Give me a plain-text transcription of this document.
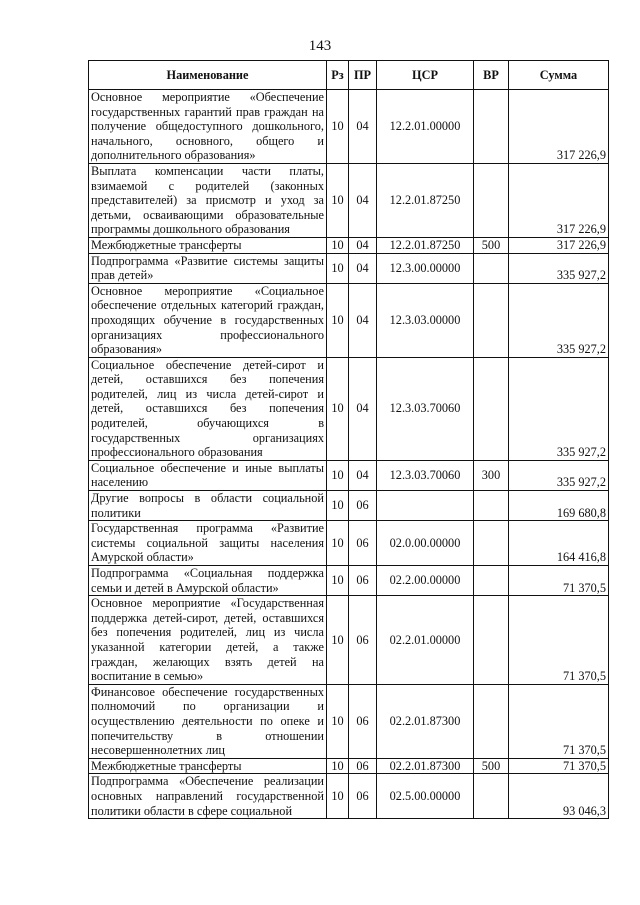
143
Наименование	Рз	ПР	ЦСР	ВР	Сумма
Основное мероприятие «Обеспечение государственных гарантий прав граждан на получение общедоступного дошкольного, начального, основного, общего и дополнительного образования»	10	04	12.2.01.00000		317 226,9
Выплата компенсации части платы, взимаемой с родителей (законных представителей) за присмотр и уход за детьми, осваивающими образовательные программы дошкольного образования	10	04	12.2.01.87250		317 226,9
Межбюджетные трансферты	10	04	12.2.01.87250	500	317 226,9
Подпрограмма «Развитие системы защиты прав детей»	10	04	12.3.00.00000		335 927,2
Основное мероприятие «Социальное обеспечение отдельных категорий граждан, проходящих обучение в государственных организациях профессионального образования»	10	04	12.3.03.00000		335 927,2
Социальное обеспечение детей-сирот и детей, оставшихся без попечения родителей, лиц из числа детей-сирот и детей, оставшихся без попечения родителей, обучающихся в государственных организациях профессионального образования	10	04	12.3.03.70060		335 927,2
Социальное обеспечение и иные выплаты населению	10	04	12.3.03.70060	300	335 927,2
Другие вопросы в области социальной политики	10	06			169 680,8
Государственная программа «Развитие системы социальной защиты населения Амурской области»	10	06	02.0.00.00000		164 416,8
Подпрограмма «Социальная поддержка семьи и детей в Амурской области»	10	06	02.2.00.00000		71 370,5
Основное мероприятие «Государственная поддержка детей-сирот, детей, оставшихся без попечения родителей, лиц из числа указанной категории детей, а также граждан, желающих взять детей на воспитание в семью»	10	06	02.2.01.00000		71 370,5
Финансовое обеспечение государственных полномочий по организации и осуществлению деятельности по опеке и попечительству в отношении несовершеннолетних лиц	10	06	02.2.01.87300		71 370,5
Межбюджетные трансферты	10	06	02.2.01.87300	500	71 370,5
Подпрограмма «Обеспечение реализации основных направлений государственной политики области в сфере социальной	10	06	02.5.00.00000		93 046,3
